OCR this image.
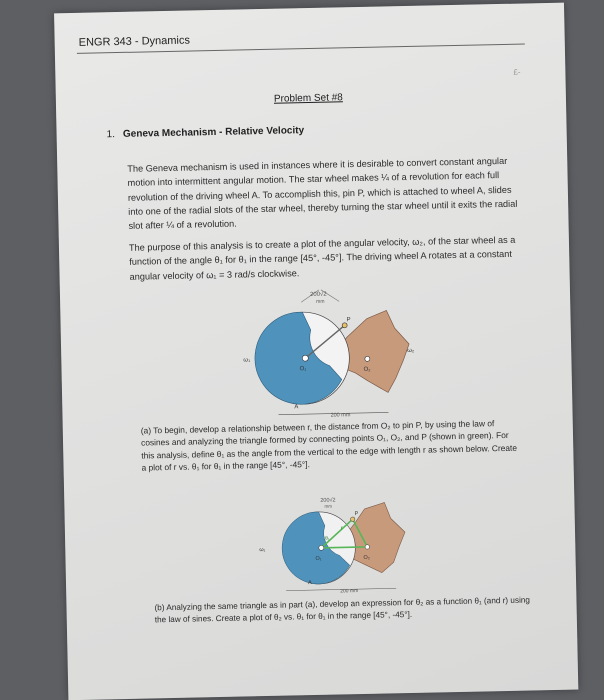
ENGR 343 - Dynamics
£-
Problem Set #8
1. Geneva Mechanism - Relative Velocity
The Geneva mechanism is used in instances where it is desirable to convert constant angular motion into intermittent angular motion. The star wheel makes ¼ of a revolution for each full revolution of the driving wheel A. To accomplish this, pin P, which is attached to wheel A, slides into one of the radial slots of the star wheel, thereby turning the star wheel until it exits the radial slot after ¼ of a revolution.
The purpose of this analysis is to create a plot of the angular velocity, ω₂, of the star wheel as a function of the angle θ₁ for θ₁ in the range [45°, -45°]. The driving wheel A rotates at a constant angular velocity of ω₁ = 3 rad/s clockwise.
200√2
mm
ω₁
ω₂
O₁	O₂
P
A
200 mm
(a) To begin, develop a relationship between r, the distance from O₂ to pin P, by using the law of cosines and analyzing the triangle formed by connecting points O₁, O₂, and P (shown in green). For this analysis, define θ₁ as the angle from the vertical to the edge with length r as shown below. Create a plot of r vs. θ₁ for θ₁ in the range [45°, -45°].
200√2
mm
ω₁
O₁	O₂
P
A
r
θ₁
200 mm
(b) Analyzing the same triangle as in part (a), develop an expression for θ₂ as a function θ₁ (and r) using the law of sines. Create a plot of θ₂ vs. θ₁ for θ₁ in the range [45°, -45°].
